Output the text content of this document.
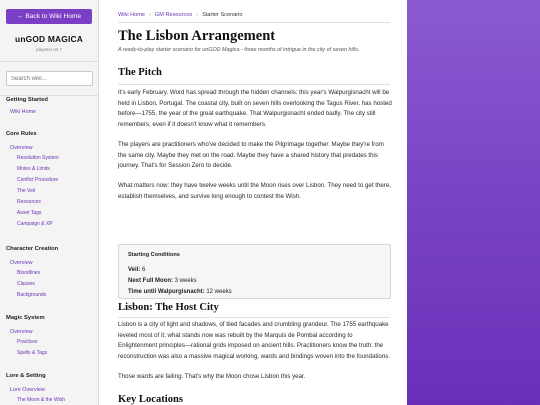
← Back to Wiki Home
unGOD MAGICA
playtest v0.7
Search wiki...
Getting Started
Wiki Home
Core Rules
Overview
Resolution System
Motes & Limits
Conflict Procedure
The Veil
Resources
Asset Tags
Campaign & XP
Character Creation
Overview
Bloodlines
Classes
Backgrounds
Magic System
Overview
Practices
Spells & Tags
Lore & Setting
Lore Overview
The Moon & the Wish
Wiki Home › GM Resources › Starter Scenario
The Lisbon Arrangement
A ready-to-play starter scenario for unGOD Magica - three months of intrigue in the city of seven hills.
The Pitch

It's early February. Word has spread through the hidden channels: this year's Walpurgisnacht will be held in Lisbon, Portugal. The coastal city, built on seven hills overlooking the Tagus River, has hosted before—1755, the year of the great earthquake. That Walpurgisnacht ended badly. The city still remembers, even if it doesn't know what it remembers.

The players are practitioners who've decided to make the Pilgrimage together. Maybe they're from the same city. Maybe they met on the road. Maybe they have a shared history that predates this journey. That's for Session Zero to decide.

What matters now: they have twelve weeks until the Moon rises over Lisbon. They need to get there, establish themselves, and survive long enough to contest the Wish.

Starting Conditions
Veil: 6
Next Full Moon: 3 weeks
Time until Walpurgisnacht: 12 weeks
Lisbon: The Host City

Lisbon is a city of light and shadows, of tiled facades and crumbling grandeur. The 1755 earthquake leveled most of it; what stands now was rebuilt by the Marquis de Pombal according to Enlightenment principles—rational grids imposed on ancient hills. Practitioners know the truth: the reconstruction was also a massive magical working, wards and bindings woven into the foundations.

Those wards are failing. That's why the Moon chose Lisbon this year.

Key Locations
